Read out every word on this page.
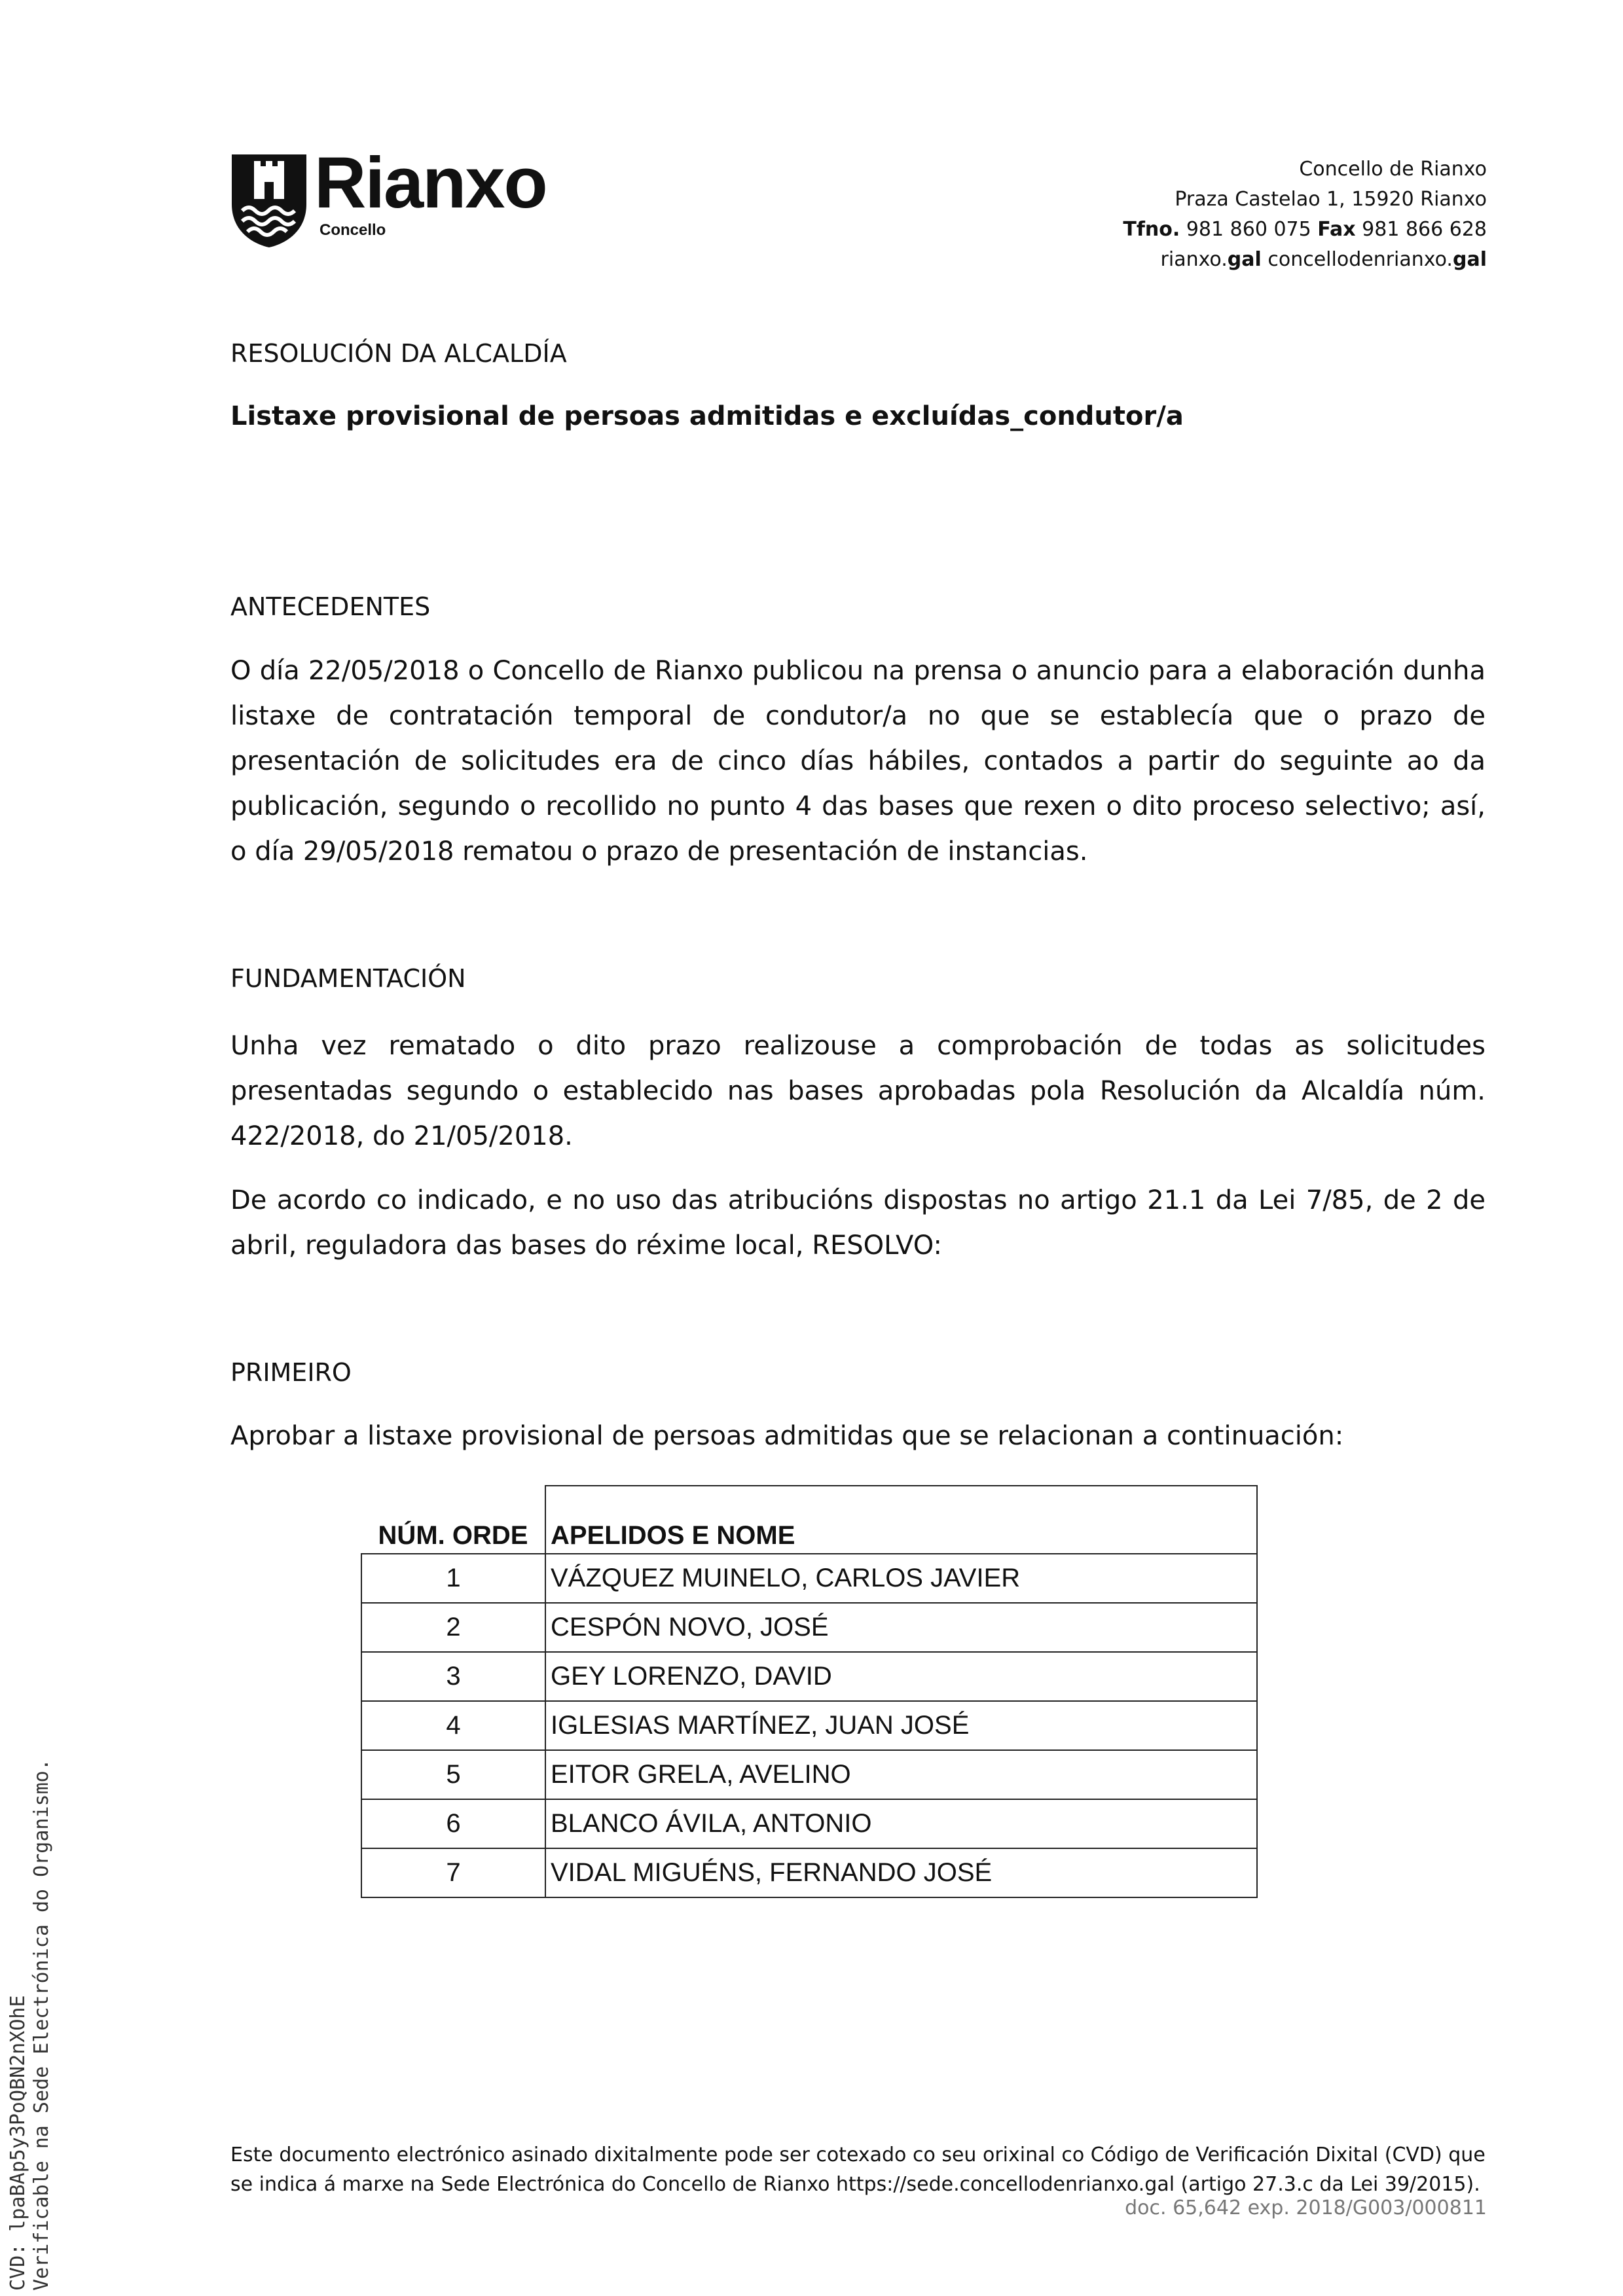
Rianxo
Concello
Concello de Rianxo
Praza Castelao 1, 15920 Rianxo
Tfno. 981 860 075 Fax 981 866 628
rianxo.gal concellodenrianxo.gal
RESOLUCIÓN DA ALCALDÍA
Listaxe provisional de persoas admitidas e excluídas_condutor/a
ANTECEDENTES

O día 22/05/2018 o Concello de Rianxo publicou na prensa o anuncio para a elaboración dunha listaxe de contratación temporal de condutor/a no que se establecía que o prazo de presentación de solicitudes era de cinco días hábiles, contados a partir do seguinte ao da publicación, segundo o recollido no punto 4 das bases que rexen o dito proceso selectivo; así, o día 29/05/2018 rematou o prazo de presentación de instancias.

FUNDAMENTACIÓN

Unha vez rematado o dito prazo realizouse a comprobación de todas as solicitudes presentadas segundo o establecido nas bases aprobadas pola Resolución da Alcaldía núm. 422/2018, do 21/05/2018.

De acordo co indicado, e no uso das atribucións dispostas no artigo 21.1 da Lei 7/85, de 2 de abril, reguladora das bases do réxime local, RESOLVO:

PRIMEIRO

Aprobar a listaxe provisional de persoas admitidas que se relacionan a continuación:

NÚM. ORDE	APELIDOS E NOME
1	VÁZQUEZ MUINELO, CARLOS JAVIER
2	CESPÓN NOVO, JOSÉ
3	GEY LORENZO, DAVID
4	IGLESIAS MARTÍNEZ, JUAN JOSÉ
5	EITOR GRELA, AVELINO
6	BLANCO ÁVILA, ANTONIO
7	VIDAL MIGUÉNS, FERNANDO JOSÉ
Este documento electrónico asinado dixitalmente pode ser cotexado co seu orixinal co Código de Verificación Dixital (CVD) que se indica á marxe na Sede Electrónica do Concello de Rianxo https://sede.concellodenrianxo.gal (artigo 27.3.c da Lei 39/2015).
doc. 65,642 exp. 2018/G003/000811
CVD: lpaBAp5y3PoQBN2nXOhE Verificable na Sede Electrónica do Organismo.
